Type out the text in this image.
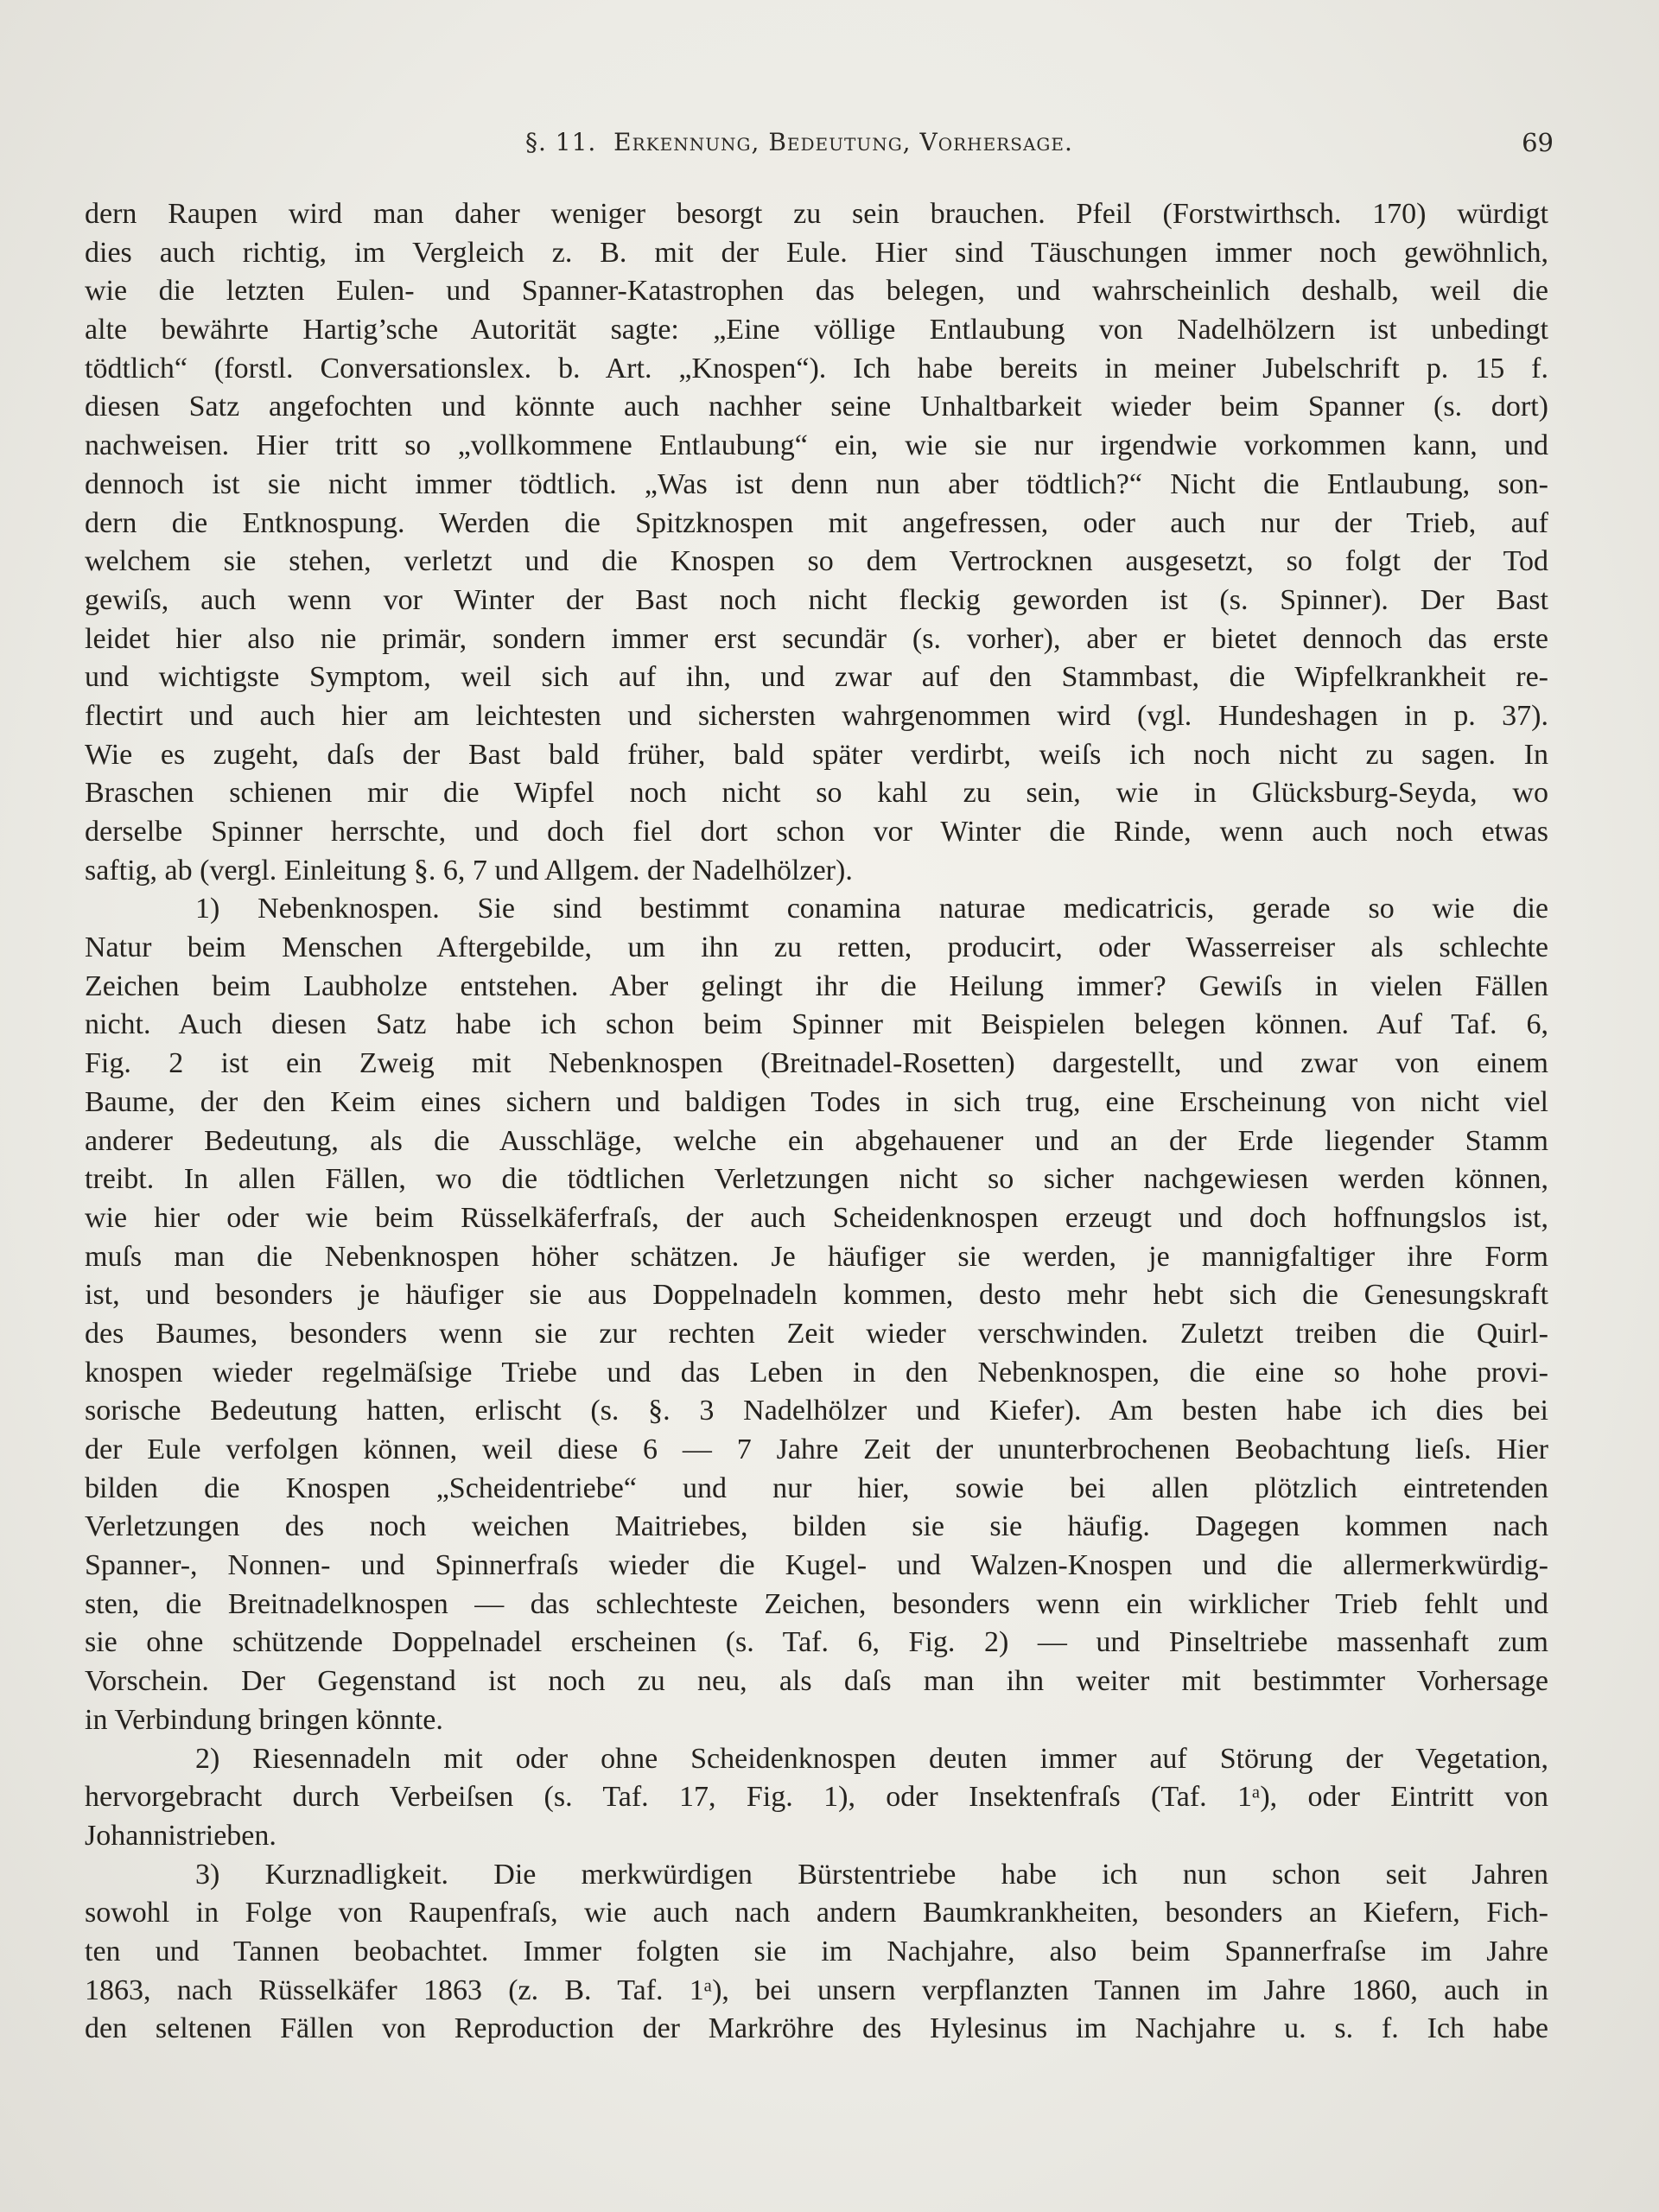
§. 11. Erkennung, Bedeutung, Vorhersage.	69
dern Raupen wird man daher weniger besorgt zu sein brauchen. Pfeil (Forstwirthsch. 170) würdigt
dies auch richtig, im Vergleich z. B. mit der Eule. Hier sind Täuschungen immer noch gewöhnlich,
wie die letzten Eulen- und Spanner-Katastrophen das belegen, und wahrscheinlich deshalb, weil die
alte bewährte Hartig’sche Autorität sagte: „Eine völlige Entlaubung von Nadelhölzern ist unbedingt
tödtlich“ (forstl. Conversationslex. b. Art. „Knospen“). Ich habe bereits in meiner Jubelschrift p. 15 f.
diesen Satz angefochten und könnte auch nachher seine Unhaltbarkeit wieder beim Spanner (s. dort)
nachweisen. Hier tritt so „vollkommene Entlaubung“ ein, wie sie nur irgendwie vorkommen kann, und
dennoch ist sie nicht immer tödtlich. „Was ist denn nun aber tödtlich?“ Nicht die Entlaubung, son-
dern die Entknospung. Werden die Spitzknospen mit angefressen, oder auch nur der Trieb, auf
welchem sie stehen, verletzt und die Knospen so dem Vertrocknen ausgesetzt, so folgt der Tod
gewiſs, auch wenn vor Winter der Bast noch nicht fleckig geworden ist (s. Spinner). Der Bast
leidet hier also nie primär, sondern immer erst secundär (s. vorher), aber er bietet dennoch das erste
und wichtigste Symptom, weil sich auf ihn, und zwar auf den Stammbast, die Wipfelkrankheit re-
flectirt und auch hier am leichtesten und sichersten wahrgenommen wird (vgl. Hundeshagen in p. 37).
Wie es zugeht, daſs der Bast bald früher, bald später verdirbt, weiſs ich noch nicht zu sagen. In
Braschen schienen mir die Wipfel noch nicht so kahl zu sein, wie in Glücksburg-Seyda, wo
derselbe Spinner herrschte, und doch fiel dort schon vor Winter die Rinde, wenn auch noch etwas
saftig, ab (vergl. Einleitung §. 6, 7 und Allgem. der Nadelhölzer).
1) Nebenknospen. Sie sind bestimmt conamina naturae medicatricis, gerade so wie die
Natur beim Menschen Aftergebilde, um ihn zu retten, producirt, oder Wasserreiser als schlechte
Zeichen beim Laubholze entstehen. Aber gelingt ihr die Heilung immer? Gewiſs in vielen Fällen
nicht. Auch diesen Satz habe ich schon beim Spinner mit Beispielen belegen können. Auf Taf. 6,
Fig. 2 ist ein Zweig mit Nebenknospen (Breitnadel-Rosetten) dargestellt, und zwar von einem
Baume, der den Keim eines sichern und baldigen Todes in sich trug, eine Erscheinung von nicht viel
anderer Bedeutung, als die Ausschläge, welche ein abgehauener und an der Erde liegender Stamm
treibt. In allen Fällen, wo die tödtlichen Verletzungen nicht so sicher nachgewiesen werden können,
wie hier oder wie beim Rüsselkäferfraſs, der auch Scheidenknospen erzeugt und doch hoffnungslos ist,
muſs man die Nebenknospen höher schätzen. Je häufiger sie werden, je mannigfaltiger ihre Form
ist, und besonders je häufiger sie aus Doppelnadeln kommen, desto mehr hebt sich die Genesungskraft
des Baumes, besonders wenn sie zur rechten Zeit wieder verschwinden. Zuletzt treiben die Quirl-
knospen wieder regelmäſsige Triebe und das Leben in den Nebenknospen, die eine so hohe provi-
sorische Bedeutung hatten, erlischt (s. §. 3 Nadelhölzer und Kiefer). Am besten habe ich dies bei
der Eule verfolgen können, weil diese 6 — 7 Jahre Zeit der ununterbrochenen Beobachtung lieſs. Hier
bilden die Knospen „Scheidentriebe“ und nur hier, sowie bei allen plötzlich eintretenden
Verletzungen des noch weichen Maitriebes, bilden sie sie häufig. Dagegen kommen nach
Spanner-, Nonnen- und Spinnerfraſs wieder die Kugel- und Walzen-Knospen und die allermerkwürdig-
sten, die Breitnadelknospen — das schlechteste Zeichen, besonders wenn ein wirklicher Trieb fehlt und
sie ohne schützende Doppelnadel erscheinen (s. Taf. 6, Fig. 2) — und Pinseltriebe massenhaft zum
Vorschein. Der Gegenstand ist noch zu neu, als daſs man ihn weiter mit bestimmter Vorhersage
in Verbindung bringen könnte.
2) Riesennadeln mit oder ohne Scheidenknospen deuten immer auf Störung der Vegetation,
hervorgebracht durch Verbeiſsen (s. Taf. 17, Fig. 1), oder Insektenfraſs (Taf. 1ᵃ), oder Eintritt von
Johannistrieben.
3) Kurznadligkeit. Die merkwürdigen Bürstentriebe habe ich nun schon seit Jahren
sowohl in Folge von Raupenfraſs, wie auch nach andern Baumkrankheiten, besonders an Kiefern, Fich-
ten und Tannen beobachtet. Immer folgten sie im Nachjahre, also beim Spannerfraſse im Jahre
1863, nach Rüsselkäfer 1863 (z. B. Taf. 1ᵃ), bei unsern verpflanzten Tannen im Jahre 1860, auch in
den seltenen Fällen von Reproduction der Markröhre des Hylesinus im Nachjahre u. s. f. Ich habe
